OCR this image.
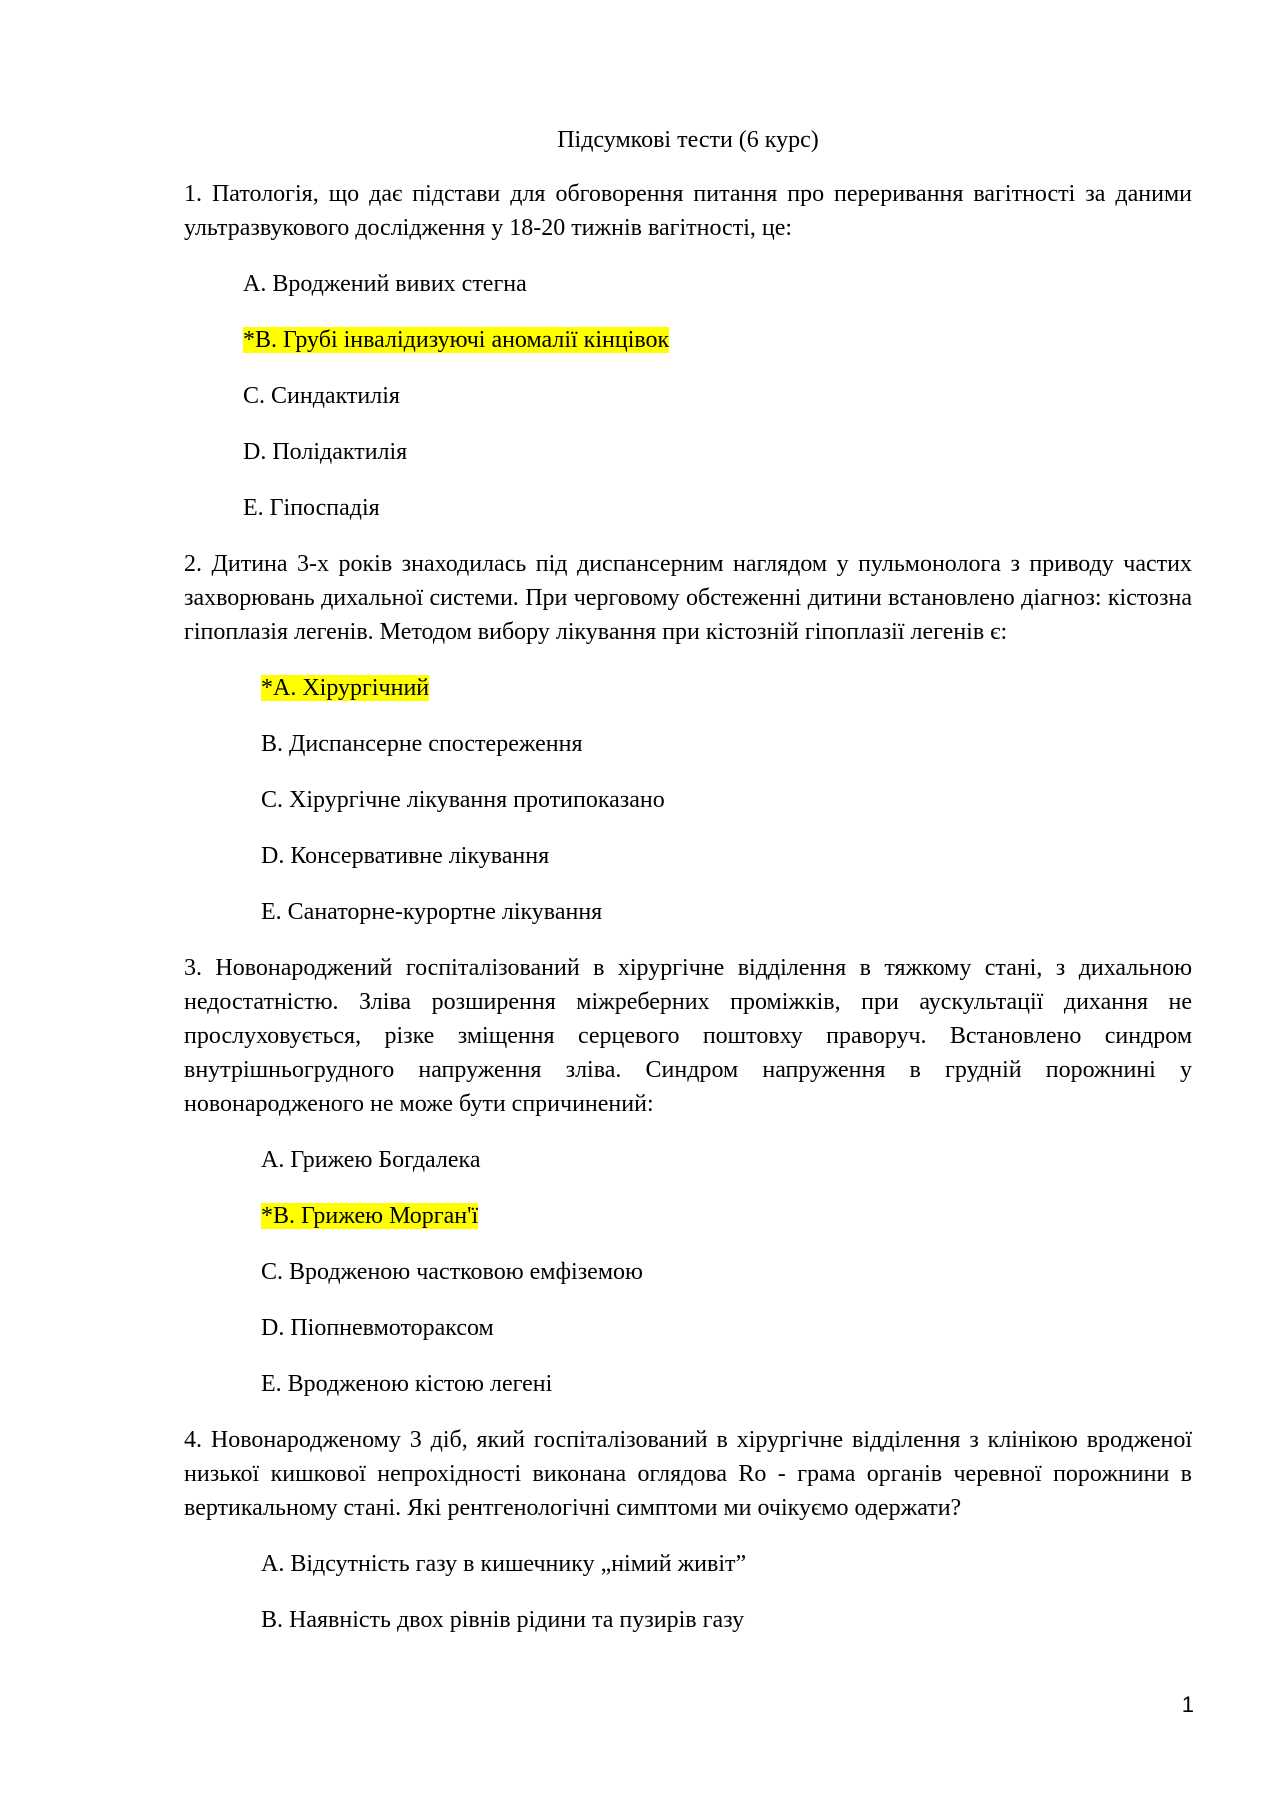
Підсумкові тести (6 курс)
1. Патологія, що дає підстави для обговорення питання про переривання вагітності за даними ультразвукового дослідження у 18-20 тижнів вагітності, це:
A. Вроджений вивих стегна
*B. Грубі інвалідизуючі аномалії кінцівок
C. Синдактилія
D. Полідактилія
E. Гіпоспадія
2. Дитина 3-х років знаходилась під диспансерним наглядом у пульмонолога з приводу частих захворювань дихальної системи. При черговому обстеженні дитини встановлено діагноз: кістозна гіпоплазія легенів. Методом вибору лікування при кістозній гіпоплазії легенів є:
*A. Хірургічний
B. Диспансерне спостереження
C. Хірургічне лікування протипоказано
D. Консервативне лікування
E. Санаторне-курортне лікування
3. Новонароджений госпіталізований в хірургічне відділення в тяжкому стані, з дихальною недостатністю. Зліва розширення міжреберних проміжків, при аускультації дихання не прослуховується, різке зміщення серцевого поштовху праворуч. Встановлено синдром внутрішньогрудного напруження зліва. Синдром напруження в грудній порожнині у новонародженого не може бути спричинений:
A. Грижею Богдалека
*B. Грижею Морган'ї
C. Вродженою частковою емфіземою
D. Піопневмотораксом
E. Вродженою кістою легені
4. Новонародженому 3 діб, який госпіталізований в хірургічне відділення з клінікою вродженої низької кишкової непрохідності виконана оглядова Ro - грама органів черевної порожнини в вертикальному стані. Які рентгенологічні симптоми ми очікуємо одержати?
A. Відсутність газу в кишечнику „німий живіт”
B. Наявність двох рівнів рідини та пузирів газу
1
